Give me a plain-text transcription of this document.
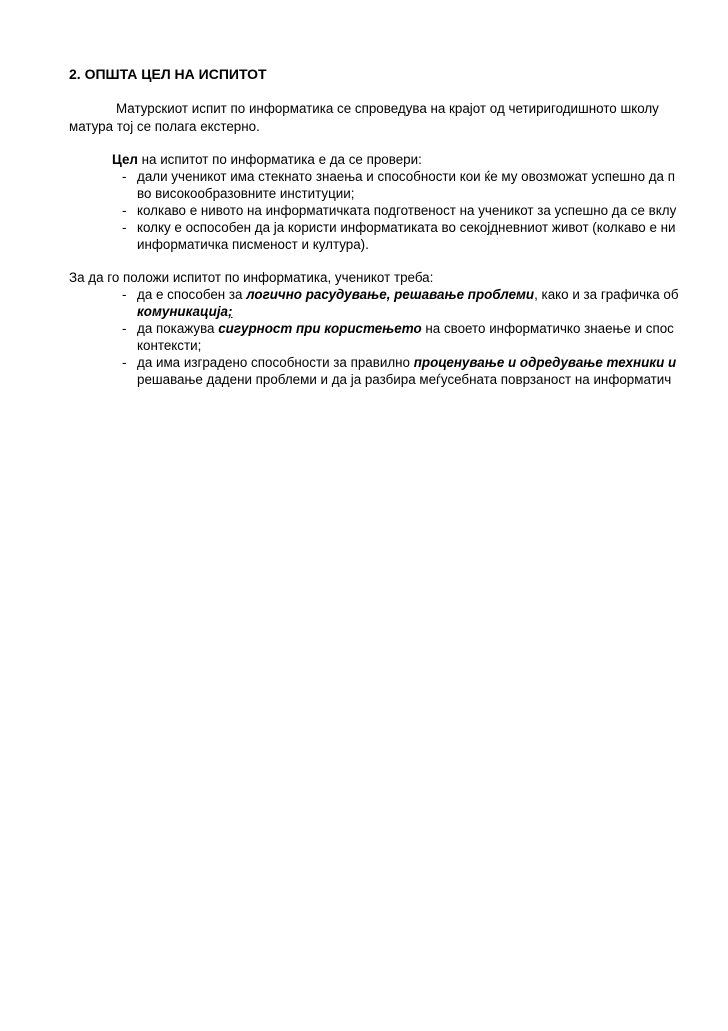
2. ОПШТА ЦЕЛ НА ИСПИТОТ
Матурскиот испит по информатика се спроведува на крајот од четиригодишното школу
матура тој се полага екстерно.
Цел на испитот по информатика е да се провери:
- дали ученикот има стекнато знаења и способности кои ќе му овозможат успешно да п
во високообразовните институции;
- колкаво е нивото на информатичката подготвеност на ученикот за успешно да се вклу
- колку е оспособен да ја користи информатиката во секојдневниот живот (колкаво е ни
информатичка писменост и култура).
За да го положи испитот по информатика, ученикот треба:
- да е способен за логично расудување, решавање проблеми, како и за графичка об
комуникација;
- да покажува сигурност при користењето на своето информатичко знаење и спос
контексти;
- да има изградено способности за правилно проценување и одредување техники и
решавање дадени проблеми и да ја разбира меѓусебната поврзаност на информатич
